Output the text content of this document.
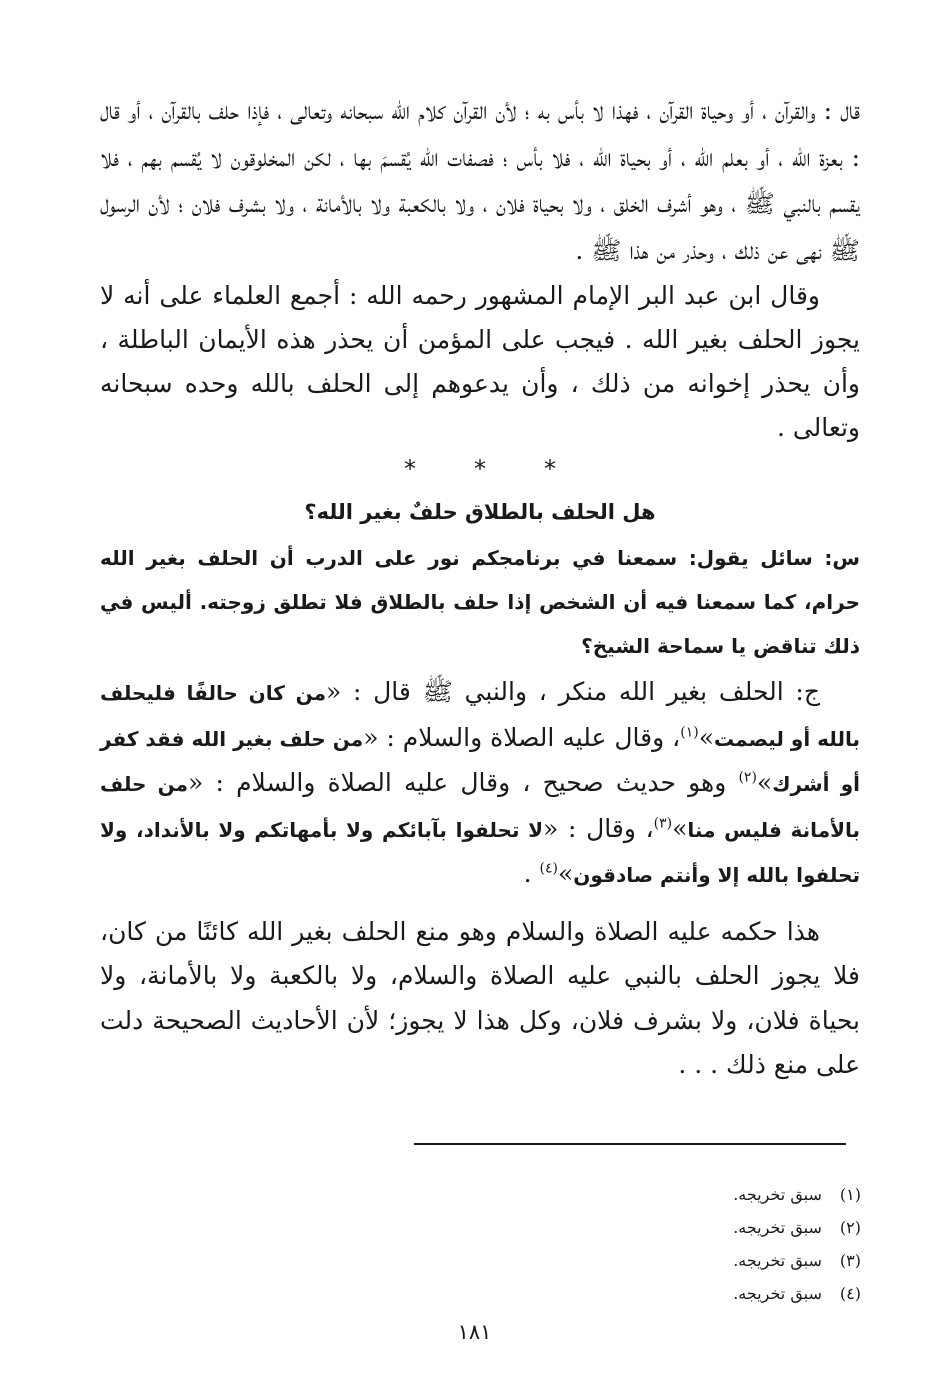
قال : والقرآن ، أو وحياة القرآن ، فهذا لا بأس به ؛ لأن القرآن كلام الله سبحانه وتعالى ، فإذا حلف بالقرآن ، أو قال : بعزة الله ، أو بعلم الله ، أو بحياة الله ، فلا بأس ؛ فصفات الله يُقسمَ بها ، لكن المخلوقون لا يُقسم بهم ، فلا يقسم بالنبي ﷺ ، وهو أشرف الخلق ، ولا بحياة فلان ، ولا بالكعبة ولا بالأمانة ، ولا بشرف فلان ؛ لأن الرسول ﷺ نهى عن ذلك ، وحذر من هذا ﷺ .

وقال ابن عبد البر الإمام المشهور رحمه الله : أجمع العلماء على أنه لا يجوز الحلف بغير الله . فيجب على المؤمن أن يحذر هذه الأيمان الباطلة ، وأن يحذر إخوانه من ذلك ، وأن يدعوهم إلى الحلف بالله وحده سبحانه وتعالى .

*
*
*
هل الحلف بالطلاق حلفٌ بغير الله؟

س: سائل يقول: سمعنا في برنامجكم نور على الدرب أن الحلف بغير الله حرام، كما سمعنا فيه أن الشخص إذا حلف بالطلاق فلا تطلق زوجته. أليس في ذلك تناقض يا سماحة الشيخ؟

ج: الحلف بغير الله منكر ، والنبي ﷺ قال : «من كان حالفًا فليحلف بالله أو ليصمت»$^{(١)}$، وقال عليه الصلاة والسلام : «من حلف بغير الله فقد كفر أو أشرك»$^{(٢)}$ وهو حديث صحيح ، وقال عليه الصلاة والسلام : «من حلف بالأمانة فليس منا»$^{(٣)}$، وقال : «لا تحلفوا بآبائكم ولا بأمهاتكم ولا بالأنداد، ولا تحلفوا بالله إلا وأنتم صادقون»$^{(٤)}$ .

هذا حكمه عليه الصلاة والسلام وهو منع الحلف بغير الله كائنًا من كان، فلا يجوز الحلف بالنبي عليه الصلاة والسلام، ولا بالكعبة ولا بالأمانة، ولا بحياة فلان، ولا بشرف فلان، وكل هذا لا يجوز؛ لأن الأحاديث الصحيحة دلت على منع ذلك . . .

(١)
سبق تخريجه.
(٢)
سبق تخريجه.
(٣)
سبق تخريجه.
(٤)
سبق تخريجه.
١٨١
